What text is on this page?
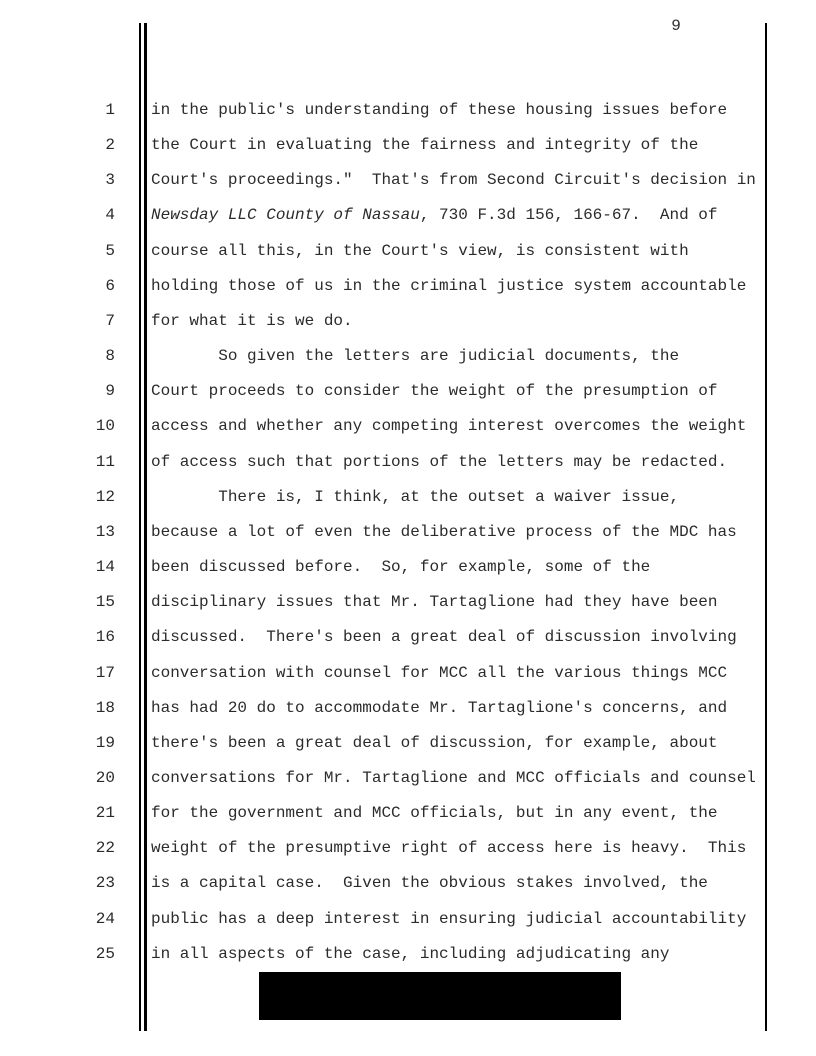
9
1 in the public's understanding of these housing issues before
2 the Court in evaluating the fairness and integrity of the
3 Court's proceedings."  That's from Second Circuit's decision in
4 Newsday LLC County of Nassau, 730 F.3d 156, 166-67.  And of
5 course all this, in the Court's view, is consistent with
6 holding those of us in the criminal justice system accountable
7 for what it is we do.
8 So given the letters are judicial documents, the
9 Court proceeds to consider the weight of the presumption of
10 access and whether any competing interest overcomes the weight
11 of access such that portions of the letters may be redacted.
12 There is, I think, at the outset a waiver issue,
13 because a lot of even the deliberative process of the MDC has
14 been discussed before.  So, for example, some of the
15 disciplinary issues that Mr. Tartaglione had they have been
16 discussed.  There's been a great deal of discussion involving
17 conversation with counsel for MCC all the various things MCC
18 has had 20 do to accommodate Mr. Tartaglione's concerns, and
19 there's been a great deal of discussion, for example, about
20 conversations for Mr. Tartaglione and MCC officials and counsel
21 for the government and MCC officials, but in any event, the
22 weight of the presumptive right of access here is heavy.  This
23 is a capital case.  Given the obvious stakes involved, the
24 public has a deep interest in ensuring judicial accountability
25 in all aspects of the case, including adjudicating any
